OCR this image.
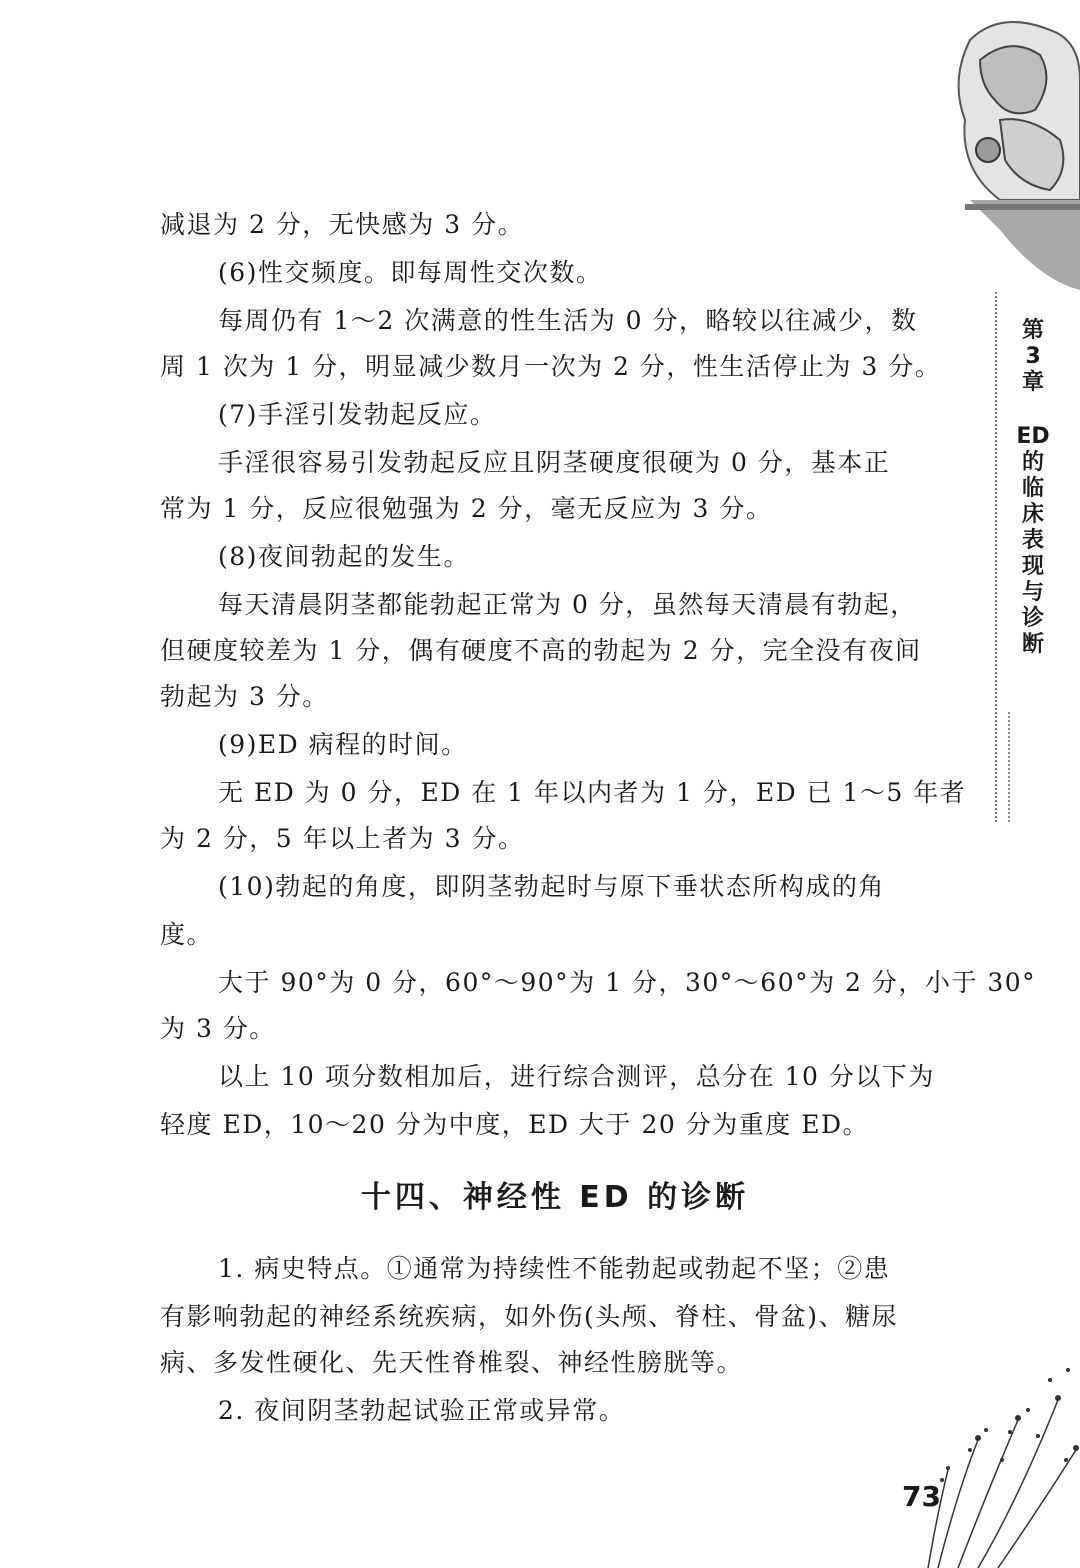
第
3
章
ED
的
临
床
表
现
与
诊
断
减退为 2 分，无快感为 3 分。
(6)性交频度。即每周性交次数。
每周仍有 1～2 次满意的性生活为 0 分，略较以往减少，数
周 1 次为 1 分，明显减少数月一次为 2 分，性生活停止为 3 分。
(7)手淫引发勃起反应。
手淫很容易引发勃起反应且阴茎硬度很硬为 0 分，基本正
常为 1 分，反应很勉强为 2 分，毫无反应为 3 分。
(8)夜间勃起的发生。
每天清晨阴茎都能勃起正常为 0 分，虽然每天清晨有勃起，
但硬度较差为 1 分，偶有硬度不高的勃起为 2 分，完全没有夜间
勃起为 3 分。
(9)ED 病程的时间。
无 ED 为 0 分，ED 在 1 年以内者为 1 分，ED 已 1～5 年者
为 2 分，5 年以上者为 3 分。
(10)勃起的角度，即阴茎勃起时与原下垂状态所构成的角
度。
大于 90°为 0 分，60°～90°为 1 分，30°～60°为 2 分，小于 30°
为 3 分。
以上 10 项分数相加后，进行综合测评，总分在 10 分以下为
轻度 ED，10～20 分为中度，ED 大于 20 分为重度 ED。
十四、神经性 ED 的诊断
1. 病史特点。①通常为持续性不能勃起或勃起不坚；②患
有影响勃起的神经系统疾病，如外伤(头颅、脊柱、骨盆)、糖尿
病、多发性硬化、先天性脊椎裂、神经性膀胱等。
2. 夜间阴茎勃起试验正常或异常。
73
